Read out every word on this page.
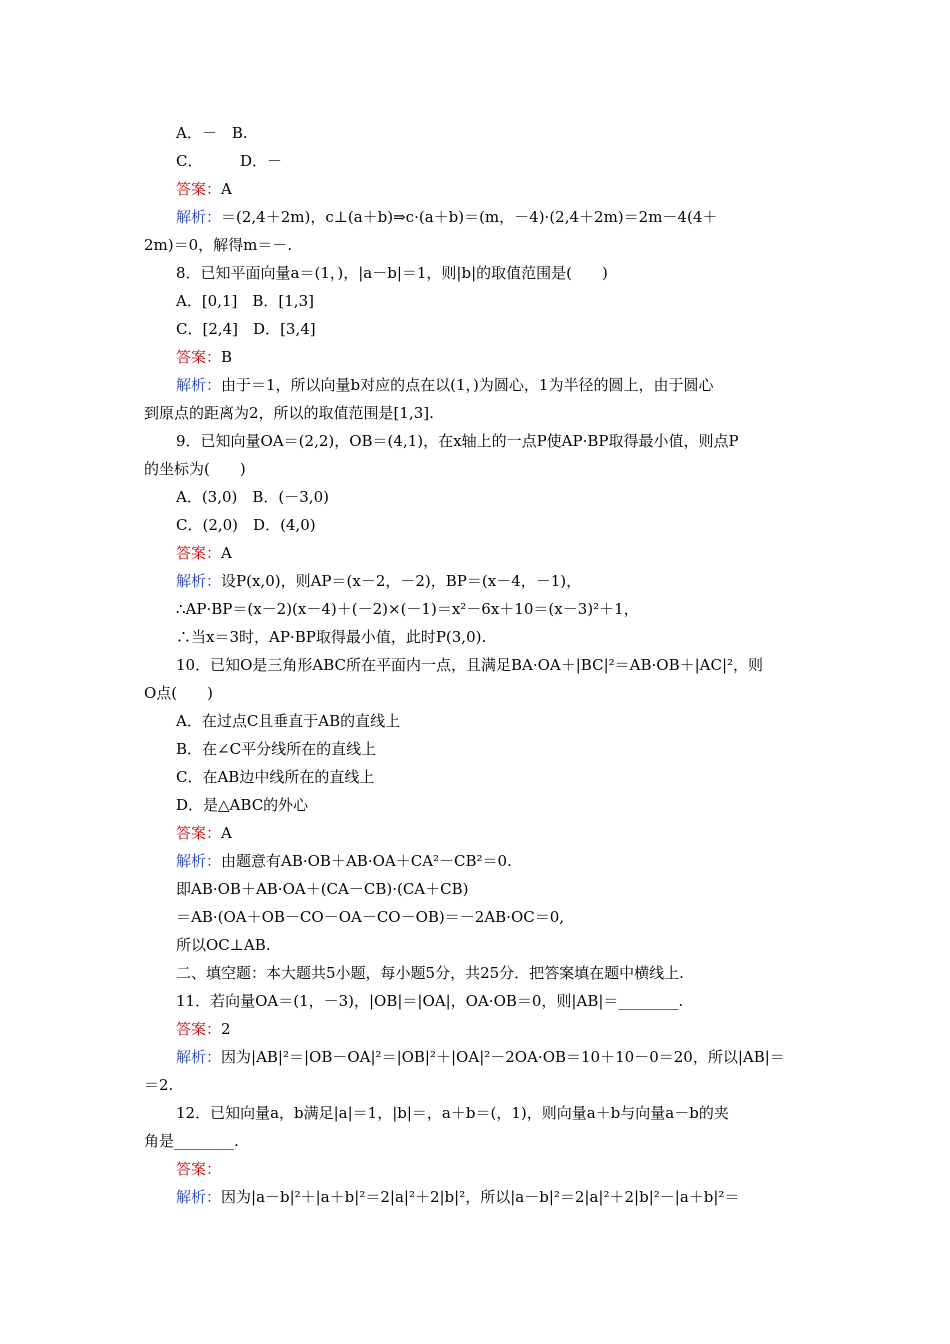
A．－　B.
C．　　　D．－
答案：A
解析：＝(2,4＋2m)，c⊥(a＋b)⇒c·(a＋b)＝(m，－4)·(2,4＋2m)＝2m－4(4＋
2m)＝0，解得m＝－.
8．已知平面向量a＝(1，)，|a－b|＝1，则|b|的取值范围是(　　)
A．[0,1]　B．[1,3]
C．[2,4]　D．[3,4]
答案：B
解析：由于＝1，所以向量b对应的点在以(1，)为圆心，1为半径的圆上，由于圆心
到原点的距离为2，所以的取值范围是[1,3].
9．已知向量OA＝(2,2)，OB＝(4,1)，在x轴上的一点P使AP·BP取得最小值，则点P
的坐标为(　　)
A．(3,0)　B．(－3,0)
C．(2,0)　D．(4,0)
答案：A
解析：设P(x,0)，则AP＝(x－2，－2)，BP＝(x－4，－1)，
∴AP·BP＝(x－2)(x－4)＋(－2)×(－1)＝x²－6x＋10＝(x－3)²＋1，
∴当x＝3时，AP·BP取得最小值，此时P(3,0).
10．已知O是三角形ABC所在平面内一点，且满足BA·OA＋|BC|²＝AB·OB＋|AC|²，则
O点(　　)
A．在过点C且垂直于AB的直线上
B．在∠C平分线所在的直线上
C．在AB边中线所在的直线上
D．是△ABC的外心
答案：A
解析：由题意有AB·OB＋AB·OA＋CA²－CB²＝0.
即AB·OB＋AB·OA＋(CA－CB)·(CA＋CB)
＝AB·(OA＋OB－CO－OA－CO－OB)＝－2AB·OC＝0,
所以OC⊥AB.
二、填空题：本大题共5小题，每小题5分，共25分．把答案填在题中横线上.
11．若向量OA＝(1，－3)，|OB|＝|OA|，OA·OB＝0，则|AB|＝________.
答案：2
解析：因为|AB|²＝|OB－OA|²＝|OB|²＋|OA|²－2OA·OB＝10＋10－0＝20，所以|AB|＝
＝2.
12．已知向量a，b满足|a|＝1，|b|＝，a＋b＝(，1)，则向量a＋b与向量a－b的夹
角是________.
答案：
解析：因为|a－b|²＋|a＋b|²＝2|a|²＋2|b|²，所以|a－b|²＝2|a|²＋2|b|²－|a＋b|²＝
